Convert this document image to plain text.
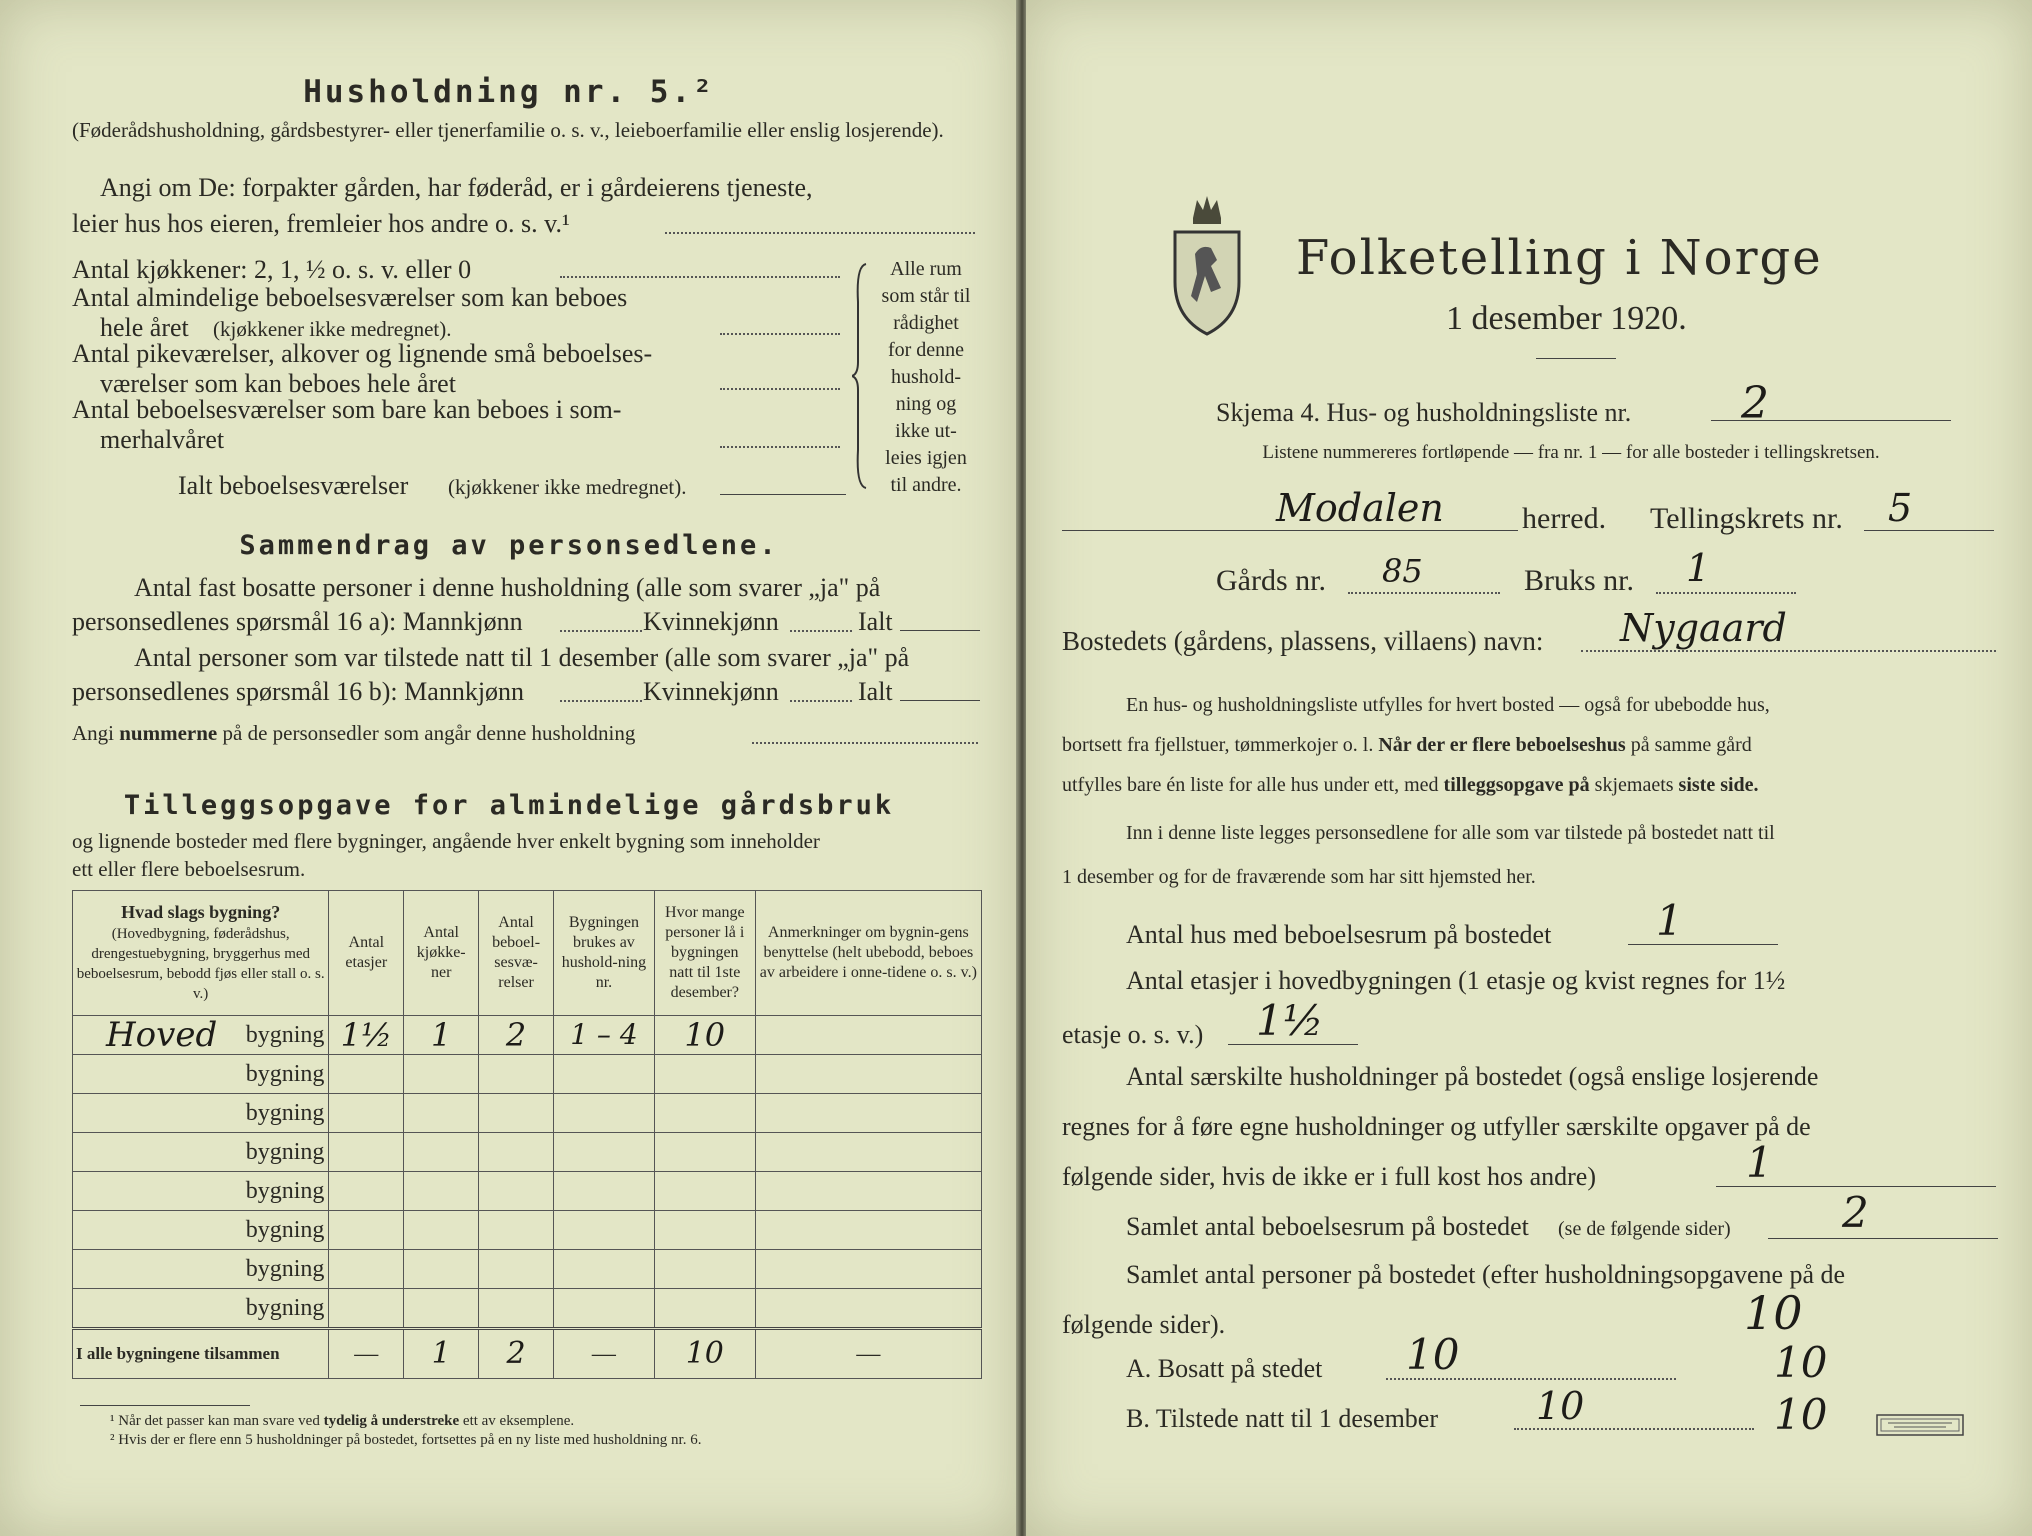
Husholdning nr. 5.²
(Føderådshusholdning, gårdsbestyrer- eller tjenerfamilie o. s. v., leieboerfamilie eller enslig losjerende).
Angi om De: forpakter gården, har føderåd, er i gårdeierens tjeneste,
leier hus hos eieren, fremleier hos andre o. s. v.¹
Antal kjøkkener: 2, 1, ½ o. s. v. eller 0
Antal almindelige beboelsesværelser som kan beboes
hele året	(kjøkkener ikke medregnet).
Antal pikeværelser, alkover og lignende små beboelses-
værelser som kan beboes hele året
Antal beboelsesværelser som bare kan beboes i som-
merhalvåret
Ialt beboelsesværelser	(kjøkkener ikke medregnet).
Alle rum
som står til
rådighet
for denne
hushold-
ning og
ikke ut-
leies igjen
til andre.
Sammendrag av personsedlene.
Antal fast bosatte personer i denne husholdning (alle som svarer „ja" på
personsedlenes spørsmål 16 a): Mannkjønn	Kvinnekjønn	Ialt
Antal personer som var tilstede natt til 1 desember (alle som svarer „ja" på
personsedlenes spørsmål 16 b): Mannkjønn	Kvinnekjønn	Ialt
Angi nummerne på de personsedler som angår denne husholdning
Tilleggsopgave for almindelige gårdsbruk
og lignende bosteder med flere bygninger, angående hver enkelt bygning som inneholder
ett eller flere beboelsesrum.
Hvad slags bygning?
(Hovedbygning, føderådshus, drengestuebygning, bryggerhus med beboelsesrum, bebodd fjøs eller stall o. s. v.)	Antal etasjer	Antal kjøkke-ner	Antal beboel-sesvæ-relser	Bygningen brukes av hushold-ning nr.	Hvor mange personer lå i bygningen natt til 1ste desember?	Anmerkninger om bygnin-gens benyttelse (helt ubebodd, beboes av arbeidere i onne-tidene o. s. v.)

Hoved bygning	1½	1	2	1 – 4	10	
bygning						
bygning						
bygning						
bygning						
bygning						
bygning						
bygning						
I alle bygningene tilsammen	—	1	2	—	10	—
¹ Når det passer kan man svare ved tydelig å understreke ett av eksemplene.
² Hvis der er flere enn 5 husholdninger på bostedet, fortsettes på en ny liste med husholdning nr. 6.
Folketelling i Norge
1 desember 1920.
Skjema 4. Hus- og husholdningsliste nr.	2
Listene nummereres fortløpende — fra nr. 1 — for alle bosteder i tellingskretsen.
Modalen	herred. Tellingskrets nr. 5
Gårds nr. 85	Bruks nr. 1
Bostedets (gårdens, plassens, villaens) navn: Nygaard
En hus- og husholdningsliste utfylles for hvert bosted — også for ubebodde hus,
bortsett fra fjellstuer, tømmerkojer o. l. Når der er flere beboelseshus på samme gård
utfylles bare én liste for alle hus under ett, med tilleggsopgave på skjemaets siste side.
Inn i denne liste legges personsedlene for alle som var tilstede på bostedet natt til
1 desember og for de fraværende som har sitt hjemsted her.
Antal hus med beboelsesrum på bostedet 1
Antal etasjer i hovedbygningen (1 etasje og kvist regnes for 1½
etasje o. s. v.) 1½
Antal særskilte husholdninger på bostedet (også enslige losjerende
regnes for å føre egne husholdninger og utfyller særskilte opgaver på de
følgende sider, hvis de ikke er i full kost hos andre)	1
Samlet antal beboelsesrum på bostedet (se de følgende sider)	2
Samlet antal personer på bostedet (efter husholdningsopgavene på de
følgende sider).	10
A. Bosatt på stedet 10	10
B. Tilstede natt til 1 desember	10	10
